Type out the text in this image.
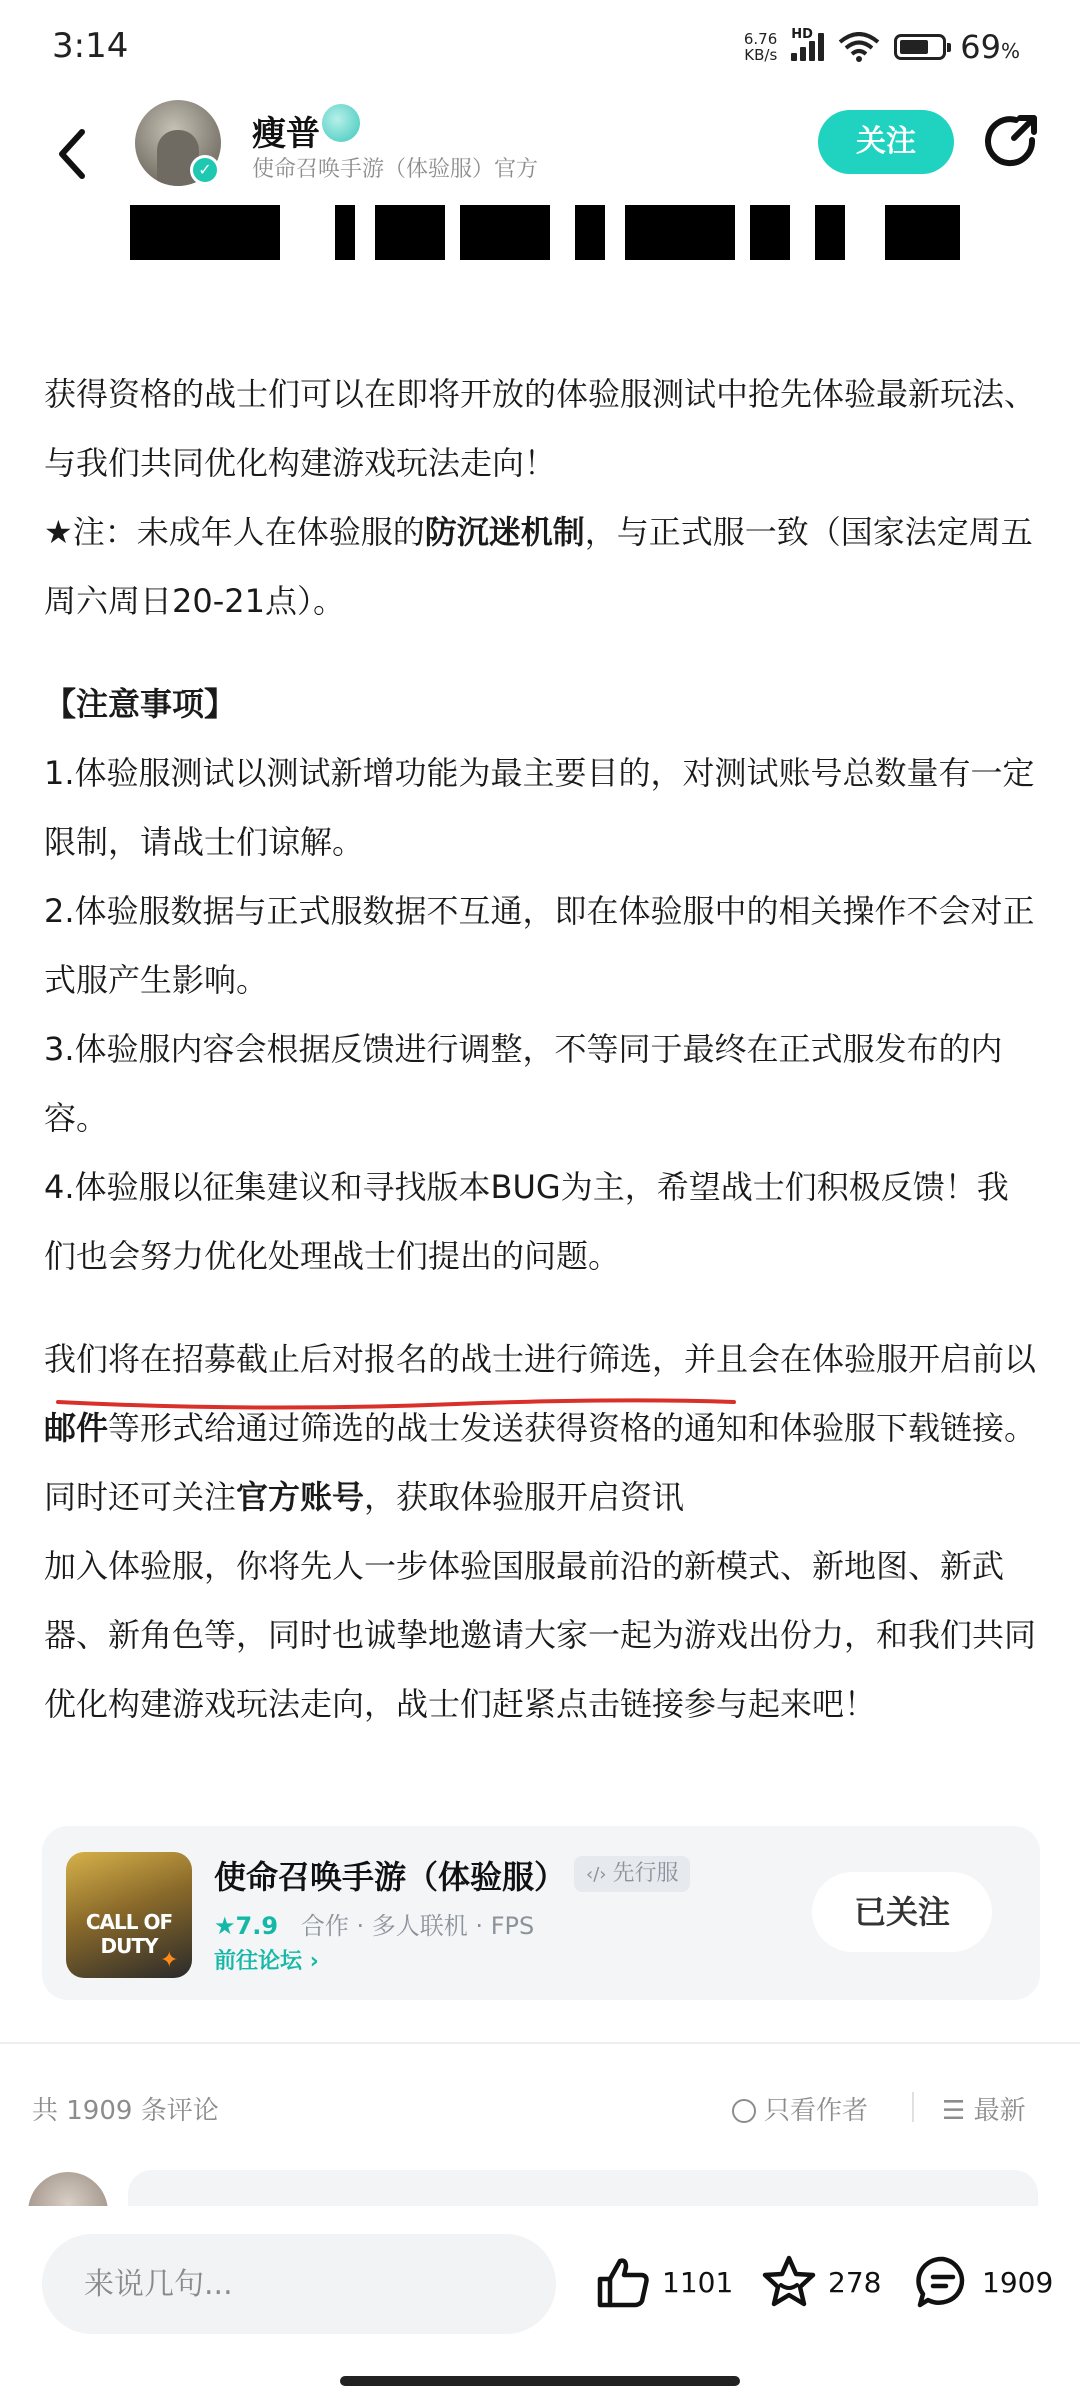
3:14	6.76
KB/s
HD	69%
✓
瘦普
使命召唤手游（体验服）官方
关注

获得资格的战士们可以在即将开放的体验服测试中抢先体验最新玩法、与我们共同优化构建游戏玩法走向！

★注：未成年人在体验服的防沉迷机制，与正式服一致（国家法定周五周六周日20-21点）。

【注意事项】

1.体验服测试以测试新增功能为最主要目的，对测试账号总数量有一定限制，请战士们谅解。

2.体验服数据与正式服数据不互通，即在体验服中的相关操作不会对正式服产生影响。

3.体验服内容会根据反馈进行调整，不等同于最终在正式服发布的内容。

4.体验服以征集建议和寻找版本BUG为主，希望战士们积极反馈！我们也会努力优化处理战士们提出的问题。

我们将在招募截止后对报名的战士进行筛选，并且会在体验服开启前以邮件等形式给通过筛选的战士发送获得资格的通知和体验服下载链接。同时还可关注官方账号，获取体验服开启资讯

加入体验服，你将先人一步体验国服最前沿的新模式、新地图、新武器、新角色等，同时也诚挚地邀请大家一起为游戏出份力，和我们共同优化构建游戏玩法走向，战士们赶紧点击链接参与起来吧！

CALL OF DUTY
✦
使命召唤手游（体验服）	‹/› 先行服
★7.9 合作 · 多人联机 · FPS
前往论坛 ›
已关注
共 1909 条评论	只看作者	☰ 最新
来说几句...
1101	278	1909
